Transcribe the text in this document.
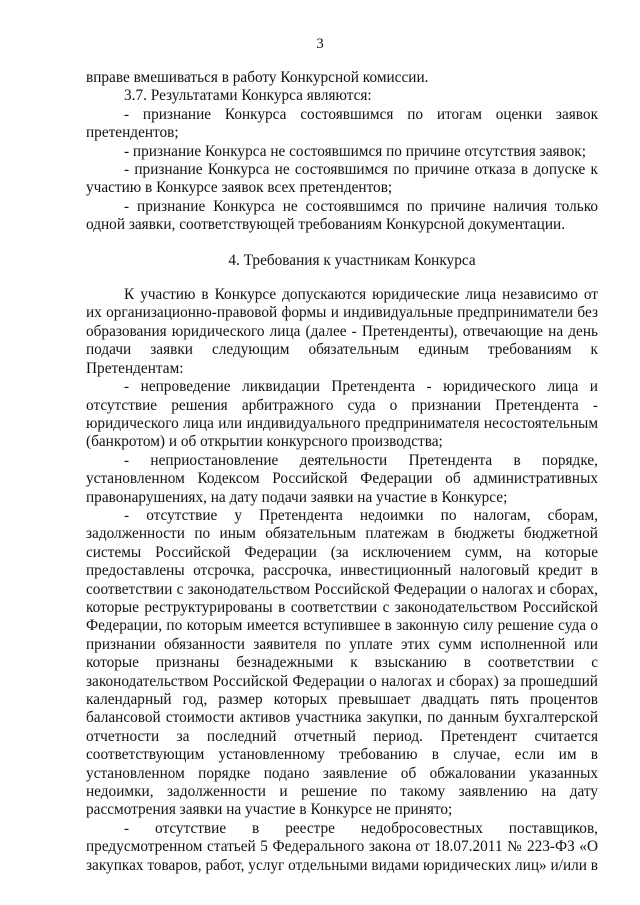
3

вправе вмешиваться в работу Конкурсной комиссии.

3.7. Результатами Конкурса являются:

- признание Конкурса состоявшимся по итогам оценки заявок претендентов;

- признание Конкурса не состоявшимся по причине отсутствия заявок;

- признание Конкурса не состоявшимся по причине отказа в допуске к участию в Конкурсе заявок всех претендентов;

- признание Конкурса не состоявшимся по причине наличия только одной заявки, соответствующей требованиям Конкурсной документации.

4. Требования к участникам Конкурса

К участию в Конкурсе допускаются юридические лица независимо от их организационно-правовой формы и индивидуальные предприниматели без образования юридического лица (далее - Претенденты), отвечающие на день подачи заявки следующим обязательным единым требованиям к Претендентам:

- непроведение ликвидации Претендента - юридического лица и отсутствие решения арбитражного суда о признании Претендента - юридического лица или индивидуального предпринимателя несостоятельным (банкротом) и об открытии конкурсного производства;

- неприостановление деятельности Претендента в порядке, установленном Кодексом Российской Федерации об административных правонарушениях, на дату подачи заявки на участие в Конкурсе;

- отсутствие у Претендента недоимки по налогам, сборам, задолженности по иным обязательным платежам в бюджеты бюджетной системы Российской Федерации (за исключением сумм, на которые предоставлены отсрочка, рассрочка, инвестиционный налоговый кредит в соответствии с законодательством Российской Федерации о налогах и сборах, которые реструктурированы в соответствии с законодательством Российской Федерации, по которым имеется вступившее в законную силу решение суда о признании обязанности заявителя по уплате этих сумм исполненной или которые признаны безнадежными к взысканию в соответствии с законодательством Российской Федерации о налогах и сборах) за прошедший календарный год, размер которых превышает двадцать пять процентов балансовой стоимости активов участника закупки, по данным бухгалтерской отчетности за последний отчетный период. Претендент считается соответствующим установленному требованию в случае, если им в установленном порядке подано заявление об обжаловании указанных недоимки, задолженности и решение по такому заявлению на дату рассмотрения заявки на участие в Конкурсе не принято;

- отсутствие в реестре недобросовестных поставщиков, предусмотренном статьей 5 Федерального закона от 18.07.2011 № 223-ФЗ «О закупках товаров, работ, услуг отдельными видами юридических лиц» и/или в
